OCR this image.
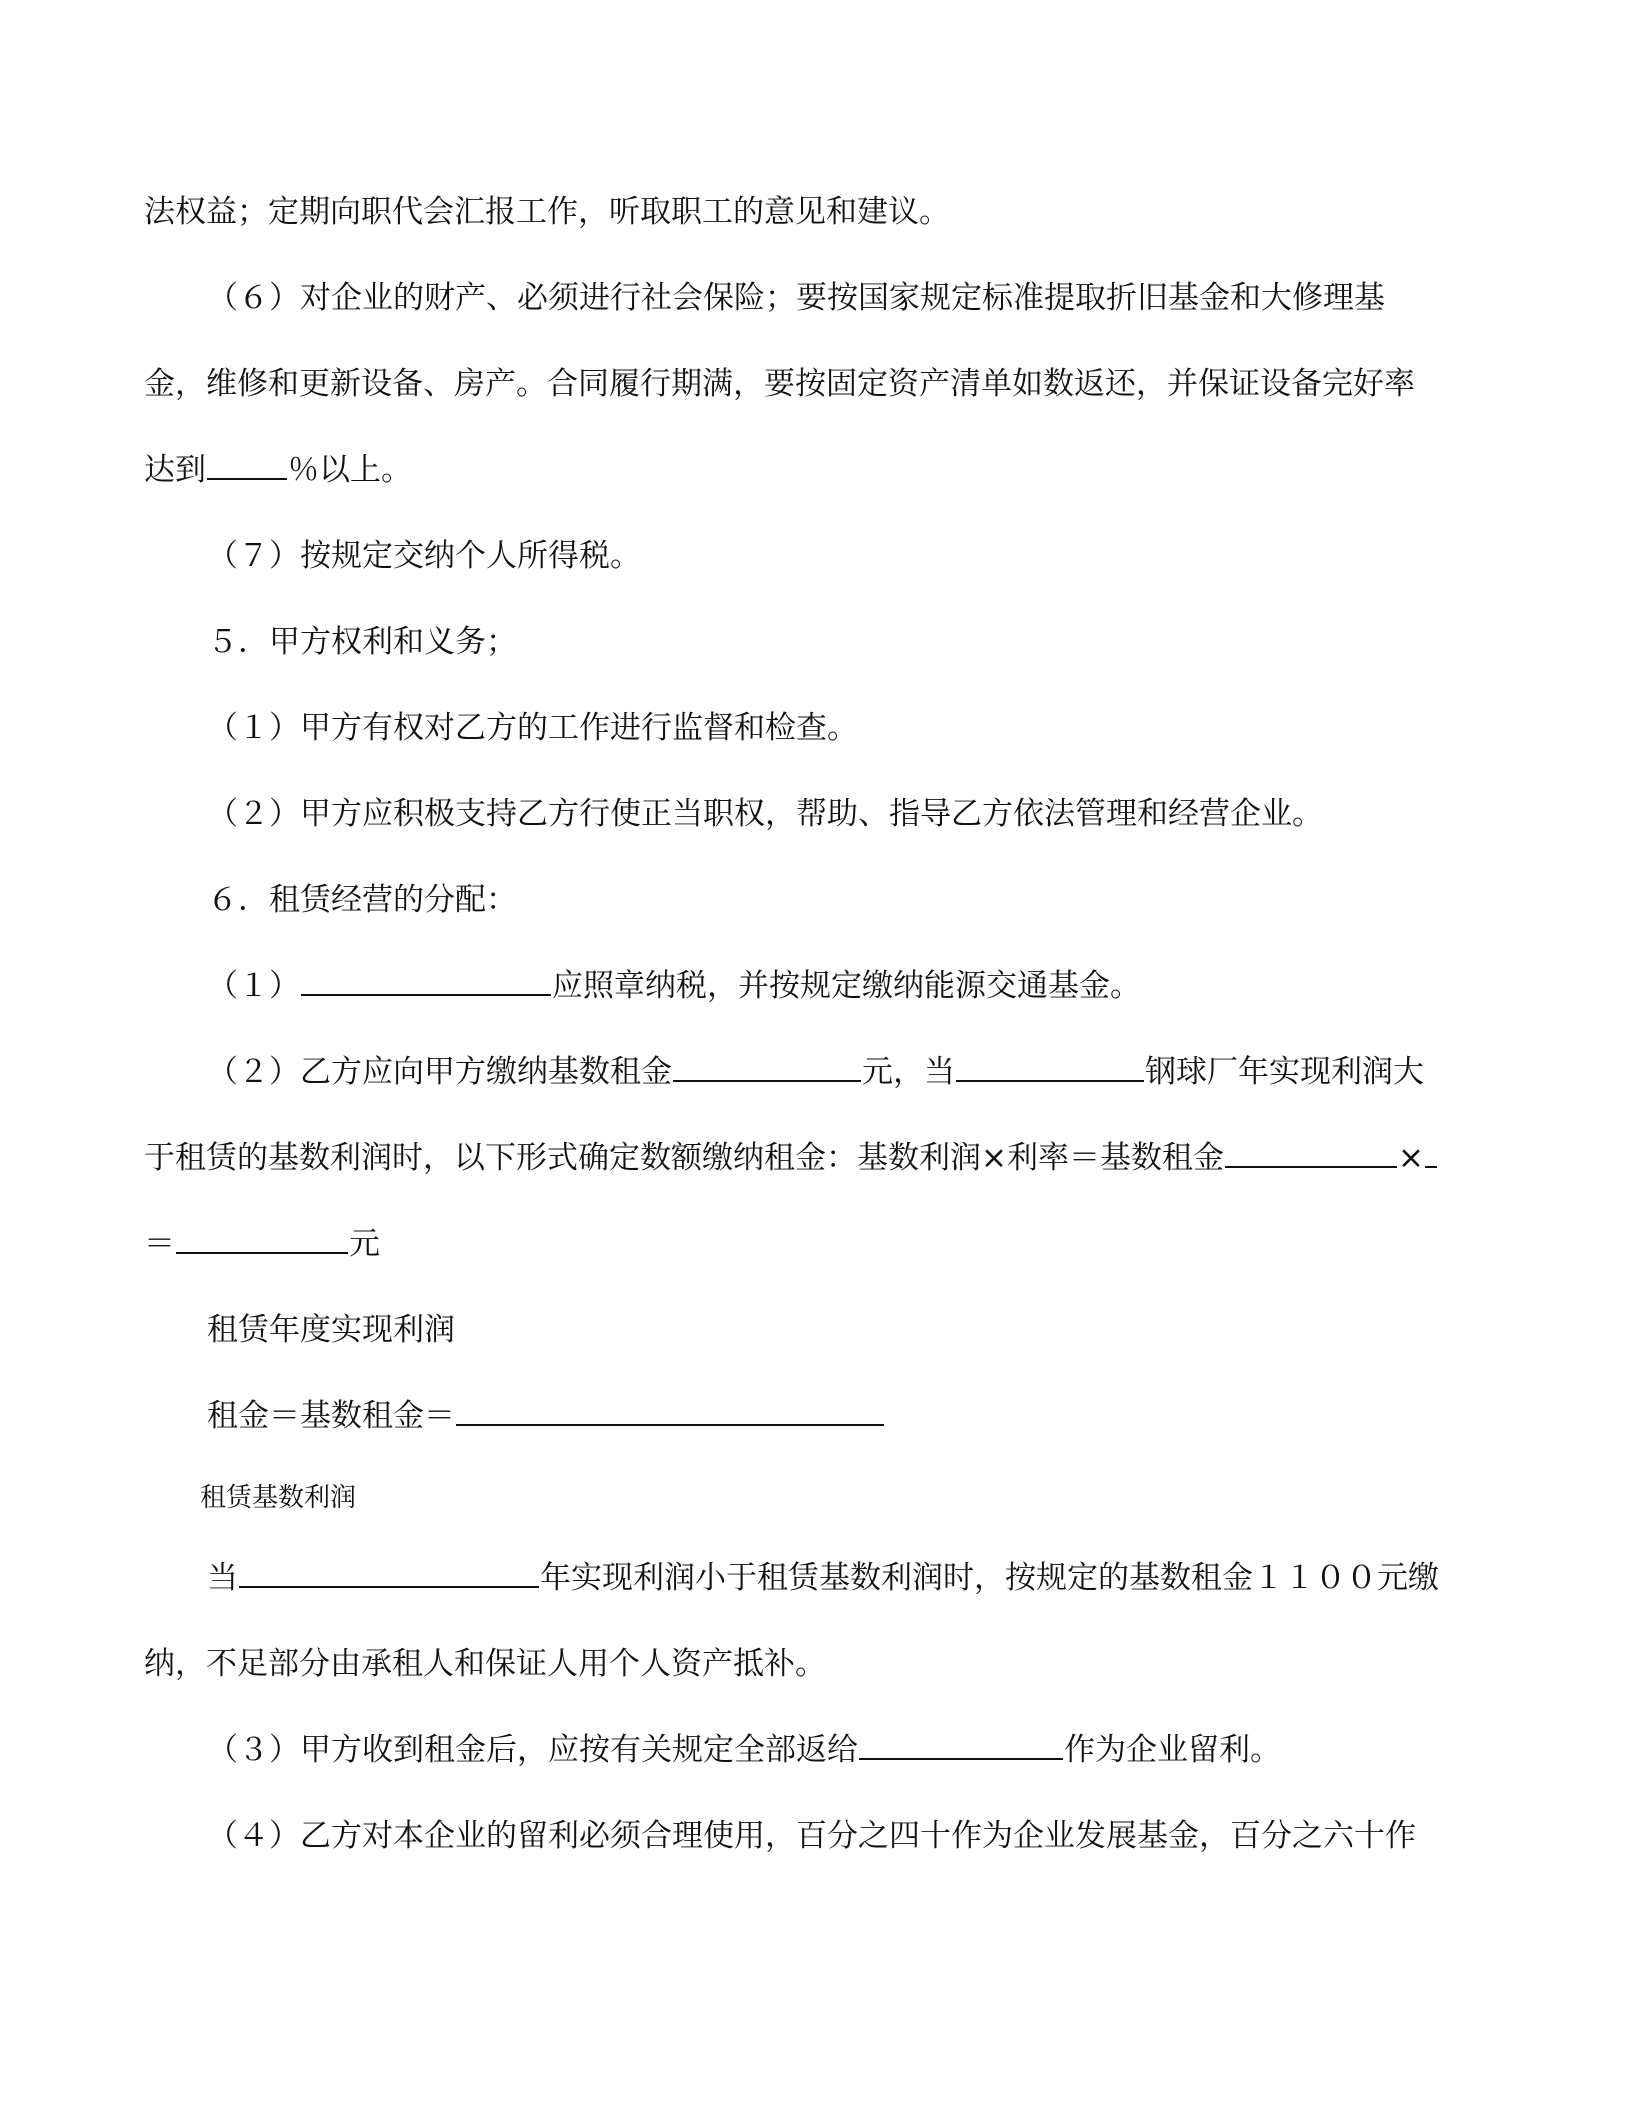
法权益；定期向职代会汇报工作，听取职工的意见和建议。
（６）对企业的财产、必须进行社会保险；要按国家规定标准提取折旧基金和大修理基
金，维修和更新设备、房产。合同履行期满，要按固定资产清单如数返还，并保证设备完好率
达到	％以上。
（７）按规定交纳个人所得税。
５．甲方权利和义务；
（１）甲方有权对乙方的工作进行监督和检查。
（２）甲方应积极支持乙方行使正当职权，帮助、指导乙方依法管理和经营企业。
６．租赁经营的分配：
（１）	应照章纳税，并按规定缴纳能源交通基金。
（２）乙方应向甲方缴纳基数租金	元，当	钢球厂年实现利润大
于租赁的基数利润时，以下形式确定数额缴纳租金：基数利润×利率＝基数租金	×
＝	元
租赁年度实现利润
租金＝基数租金＝
租赁基数利润
当	年实现利润小于租赁基数利润时，按规定的基数租金１１００元缴
纳，不足部分由承租人和保证人用个人资产抵补。
（３）甲方收到租金后，应按有关规定全部返给	作为企业留利。
（４）乙方对本企业的留利必须合理使用，百分之四十作为企业发展基金，百分之六十作
